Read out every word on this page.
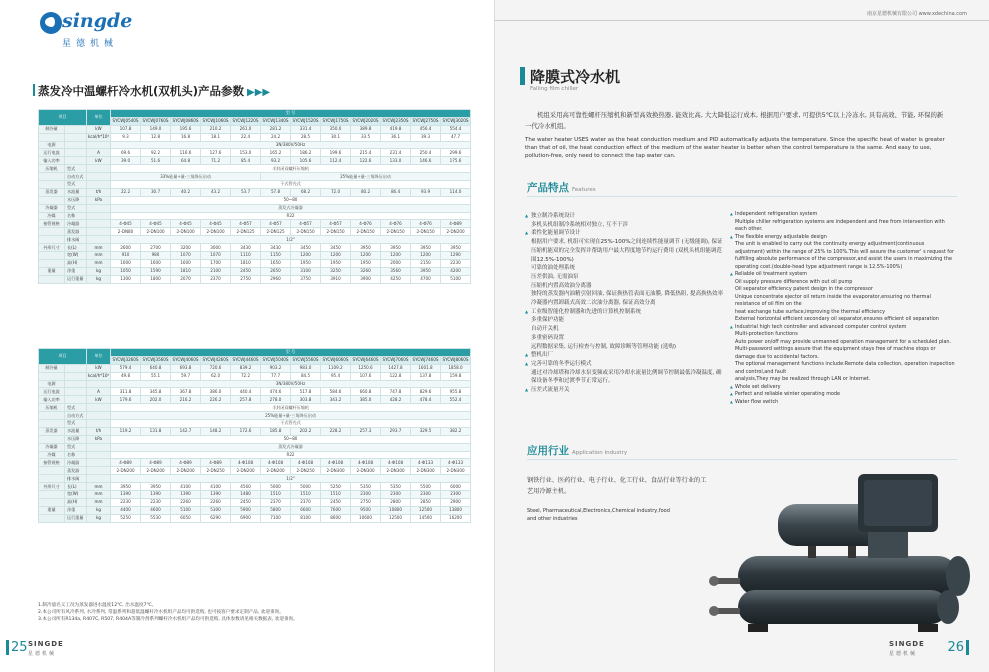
singde
星德机械
蒸发冷中温螺杆冷水机(双机头)产品参数 ▶▶▶
项目		单位	型 号											
			SYCWJ0540S	SYCWJ0760S	SYCWJ0860S	SYCWJ1060S	SYCWJ1220S	SYCWJ1340S	SYCWJ1520S	SYCWJ1750S	SYCWJ2020S	SYCWJ2350S	SYCWJ2750S	SYCWJ3020S
制冷量		kW	107.8	149.0	195.6	210.2	261.0	281.2	331.4	350.0	389.8	419.8	456.4	554.4
		kcal/h*10³	9.3	12.8	16.8	18.1	22.4	24.2	28.5	30.1	33.5	36.1	39.3	47.7
电源			3N/380V/50Hz											
运行电流		A	69.6	92.2	116.6	127.6	153.0	165.2	186.2	199.6	215.4	231.4	250.4	299.6
输入功率		kW	39.0	51.6	64.8	71.2	85.4	93.2	105.6	112.4	122.6	133.0	146.6	175.6
压缩机	型式		半封闭双螺杆压缩机											
	自动方式		33%能量+量-三角降压启动					25%能量+量-三角降压启动						
	型式		干式管壳式											
蒸发器	水流量	t/h	22.2	30.7	40.2	43.2	53.7	57.8	68.2	72.0	80.2	86.4	93.9	114.0
	水压降	kPa	50~80											
冷凝器	型式		蒸发式冷凝器											
冷媒	名称		R22											
接管规格	冷凝器		4-Φ45	4-Φ45	4-Φ45	4-Φ45	4-Φ57	4-Φ57	4-Φ57	4-Φ57	4-Φ76	4-Φ76	4-Φ76	4-Φ89
	蒸发器		2-DN80	2-DN100	2-DN100	2-DN100	2-DN125	2-DN125	2-DN150	2-DN150	2-DN150	2-DN150	2-DN150	2-DN200
	排水阀		1/2"											
外形尺寸	长(L)	mm	2600	2700	3200	3000	3430	3430	3450	3450	3950	3950	3950	3950
	宽(W)	mm	910	980	1070	1070	1110	1150	1200	1200	1200	1200	1200	1290
	高(H)	mm	1600	1600	1600	1700	1810	1650	1950	1950	1950	2000	2150	2230
重量	净重	kg	1050	1590	1810	2100	2450	2650	3100	3250	3260	3560	3950	4200
	运行重量	kg	1300	1800	2070	2370	2750	2960	3750	3910	3900	4250	4700	5100
项目		单位	型 号											
			SYCWJ3260S	SYCWJ3560S	SYCWJ4060S	SYCWJ4260S	SYCWJ4460S	SYCWJ5040S	SYCWJ5560S	SYCWJ6060S	SYCWJ6460S	SYCWJ7060S	SYCWJ7460S	SYCWJ8060S
制冷量		kW	579.4	640.8	693.8	720.6	839.2	903.2	983.0	1109.2	1250.6	1427.8	1601.8	1858.0
		kcal/h*10³	49.8	55.1	59.7	62.0	72.2	77.7	84.5	95.4	107.6	122.8	137.8	159.8
电源			3N/380V/50Hz											
运行电流		A	311.8	345.8	367.8	386.0	440.4	474.6	517.8	584.6	660.8	747.8	829.6	955.8
输入功率		kW	179.6	202.0	216.2	226.2	257.8	278.0	303.8	343.2	385.0	428.2	478.4	552.4
压缩机	型式		半封闭双螺杆压缩机											
	自动方式		25%能量+量-三角降压启动											
	型式		干式管壳式											
蒸发器	水流量	t/h	119.2	131.8	142.7	148.2	172.6	185.8	202.2	228.2	257.3	293.7	329.5	382.2
	水压降	kPa	50~80											
冷凝器	型式		蒸发式冷凝器											
冷媒	名称		R22											
接管规格	冷凝器		4-Φ89	4-Φ89	4-Φ89	4-Φ89	4-Φ108	4-Φ108	4-Φ108	4-Φ108	4-Φ108	4-Φ108	4-Φ133	4-Φ133
	蒸发器		2-DN200	2-DN200	2-DN200	2-DN250	2-DN200	2-DN200	2-DN250	2-DN300	2-DN300	2-DN300	2-DN300	2-DN300
	排水阀		1/2"											
外形尺寸	长(L)	mm	3950	3950	4100	4100	4560	5000	5000	5250	5350	5350	5500	6000
	宽(W)	mm	1390	1390	1390	1390	1480	1510	1510	1510	2300	2300	2300	2300
	高(H)	mm	2230	2230	2260	2260	2450	2370	2370	2450	2750	2800	2850	2900
重量	净重	kg	4400	4600	5100	5300	5900	5800	6600	7600	9500	10800	12500	13800
	运行重量	kg	5250	5530	6050	6290	6900	7100	8100	8600	10600	12500	14500	16200
1.制冷量名义工况为蒸发器进水温度12℃, 出水温度7℃。
2.本公司所有风冷系列, 水冷系列, 常温系列和超低温螺杆冷水机组产品均可供选购, 也可按客户要求定制产品, 欢迎垂询。
3.本公司所有R134a, R407C, R507, R404A等制冷剂系列螺杆冷水机组产品均可供选购, 具体参数请见相关数据表, 欢迎垂询。
25 SINGDE
星德机械
南京星德机械有限公司 www.xdechina.com
降膜式冷水机
Falling film chiller
机组采用高可靠性螺杆压缩机和新型高效换热器, 能效比高, 大大降低运行成本, 根据用户要求, 可提供5℃以上冷冻水, 具有高效、节能, 环保的新一代冷水机组。
The water heater USES water as the heat conduction medium and PID automatically adjusts the temperature. Since the specific heat of water is greater than that of oil, the heat conduction effect of the medium of the water heater is better when the control temperature is the same. And easy to use, pollution-free, only need to connect the tap water can.
产品特点 Features
▲ 独立制冷系统设计
多机头机组制冷系统相对独立, 互不干涉
▲ 柔性化能量调节设计
根据用户要求, 机组可实现在25%-100%之间连续性能量调节 (无级能调), 保证压缩机能双的完全发挥并帮助用户最大程度地节约运行费用 (双机头机组能调范围12.5%-100%)
可靠的油处理系统
压差供油, 无需油泵
压缩机内置高效油分离器
独特的蒸发器内油精引射回油, 保证换热管表面无油膜, 降低热阻, 提高换热效率
冷凝器内置卸载式高效二次油分离器, 保证高效分离
▲ 工业级智能化控制器和先进的计算机控制系统
多重保护功能
自动开关机
多重密码设置
远程数据采集, 运行检查与控制, 故障诊断等管理功能 (选购)
▲ 整机出厂
▲ 完善可靠的冬季运行模式
通过对冷却塔和冷却水泵变频或采用冷却水流量比例调节控制最低冷凝温度, 确保设备冬季和过渡季节正常运行。
▲ 压差式流量开关
▲ Independent refrigeration system
Multiple chiller refrigeration systems are independent and free from intervention with each other.
▲ The flexible energy adjustable design
The unit is enabled to carry out the continuity energy adjustment(continuous adjustment) within the range of 25% to 100%.This will assure the customer' s request for fulfilling absolute performance of the compressor,and assist the users in maximizing the operating cost.(double-head type adjustment range is 12.5%-100%)
▲ Reliable oil treatment system
Oil supply pressure difference with out oil pump
Oil separator efficiency patent design in the compressor
Unique concentrate ejector oil return inside the evaporator,ensuring no thermal resistance of oil film on the
heat exchange tube surface,improving the thermal efficiency
External horizontal efficient secondary oil separator,ensures efficient oil separation
▲ Industrial high tech controller and advanced computer control system
Multi-protection functions
Auto power on/off may provide unmanned operation management for a scheduled plan.
Multi-password settings assure that the equipment stays free of machine stops or damage due to accidental factors.
The optional management functions include:Remote data collection, operation inspection and control,and fault
analysis,They may be realized through LAN or Internet.
▲ Whole set delivery
▲ Perfect and reliable winter operating mode
▲ Water flow switch
应用行业 Application Industry
钢铁行业、医药行业、电子行业、化工行业、食品行业等行业的工艺用冷源主机。
Steel, Pharmaceutical,Electronics,Chemical industry,food and other industries
SINGDE
星德机械 26
